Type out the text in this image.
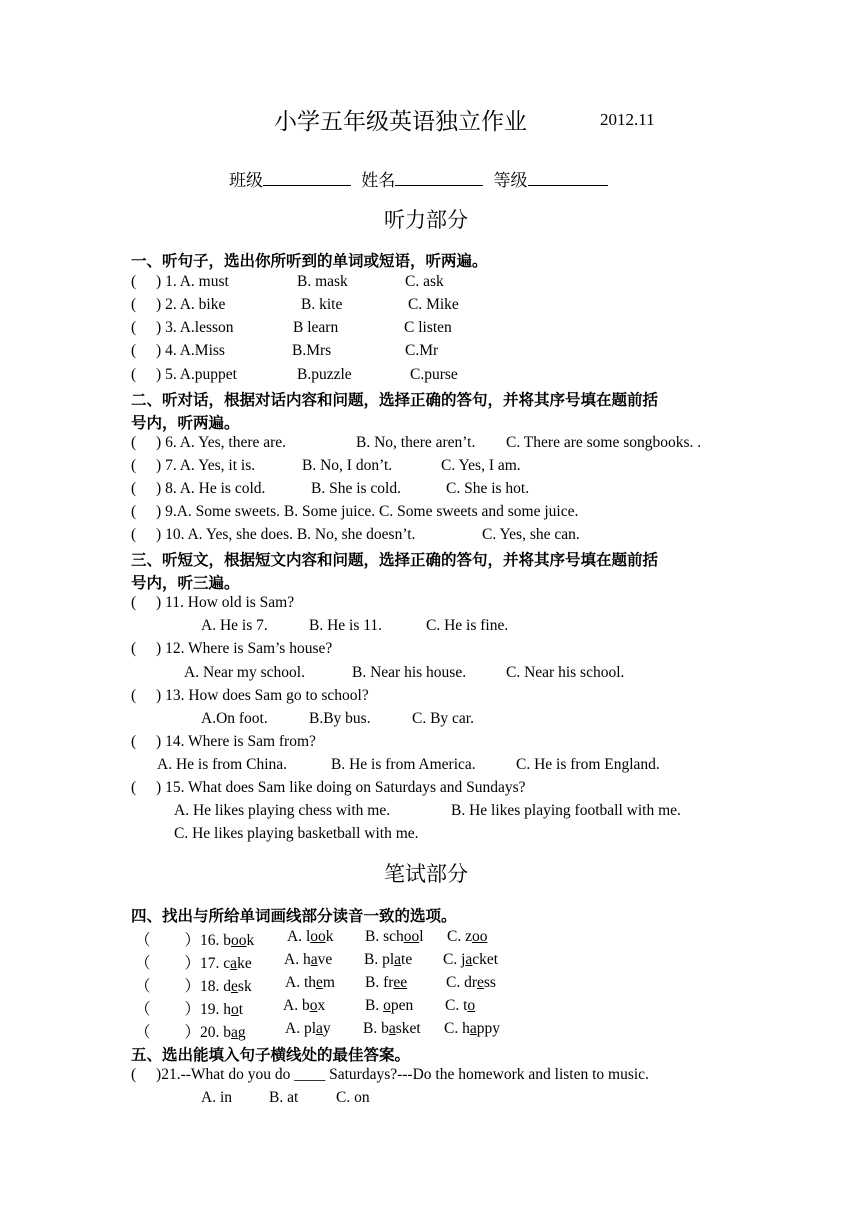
小学五年级英语独立作业	2012.11
班级	姓名	等级
听力部分
一、听句子，选出你所听到的单词或短语，听两遍。
( ) 1. A. must	B. mask	C. ask
( ) 2. A. bike	B. kite	C. Mike
( ) 3. A.lesson	B learn	C listen
( ) 4. A.Miss	B.Mrs	C.Mr
( ) 5. A.puppet	B.puzzle	C.purse
二、听对话，根据对话内容和问题，选择正确的答句，并将其序号填在题前括
号内，听两遍。
( ) 6. A. Yes, there are.	B. No, there aren’t. C. There are some songbooks. .
( ) 7. A. Yes, it is.	B. No, I don’t.	C. Yes, I am.
( ) 8. A. He is cold.	B. She is cold.	C. She is hot.
( ) 9.A. Some sweets. B. Some juice. C. Some sweets and some juice.
( ) 10. A. Yes, she does. B. No, she doesn’t.	C. Yes, she can.
三、听短文，根据短文内容和问题，选择正确的答句，并将其序号填在题前括
号内，听三遍。
( ) 11. How old is Sam?
A. He is 7.	B. He is 11.	C. He is fine.
( ) 12. Where is Sam’s house?
A. Near my school.	B. Near his house.	C. Near his school.
( ) 13. How does Sam go to school?
A.On foot.	B.By bus.	C. By car.
( ) 14. Where is Sam from?
A. He is from China.	B. He is from America.	C. He is from England.
( ) 15. What does Sam like doing on Saturdays and Sundays?
A. He likes playing chess with me.	B. He likes playing football with me.
C. He likes playing basketball with me.
笔试部分
四、找出与所给单词画线部分读音一致的选项。
（ ）16. book A. look B. school C. zoo
（ ）17. cake A. have B. plate C. jacket
（ ）18. desk A. them B. free	C. dress
（ ）19. hot	A. box	B. open C. to
（ ）20. bag	A. play B. basket C. happy
五、选出能填入句子横线处的最佳答案。
( )21.--What do you do ____ Saturdays?---Do the homework and listen to music.
A. in B. at C. on
